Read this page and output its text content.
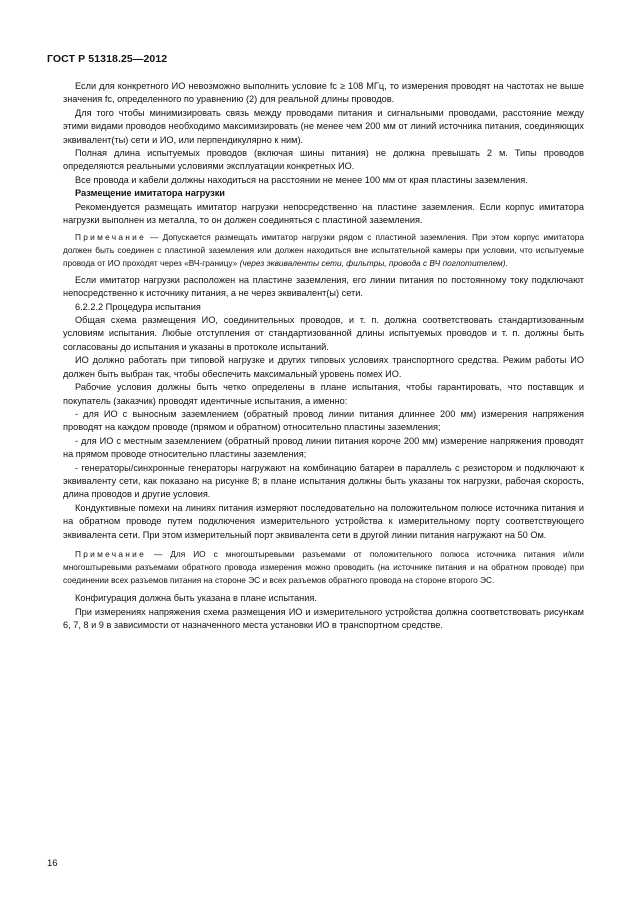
ГОСТ Р 51318.25—2012

Если для конкретного ИО невозможно выполнить условие fc ≥ 108 МГц, то измерения проводят на частотах не выше значения fc, определенного по уравнению (2) для реальной длины проводов.

Для того чтобы минимизировать связь между проводами питания и сигнальными проводами, расстояние между этими видами проводов необходимо максимизировать (не менее чем 200 мм от линий источника питания, соединяющих эквивалент(ты) сети и ИО, или перпендикулярно к ним).

Полная длина испытуемых проводов (включая шины питания) не должна превышать 2 м. Типы проводов определяются реальными условиями эксплуатации конкретных ИО.

Все провода и кабели должны находиться на расстоянии не менее 100 мм от края пластины заземления.

Размещение имитатора нагрузки

Рекомендуется размещать имитатор нагрузки непосредственно на пластине заземления. Если корпус имитатора нагрузки выполнен из металла, то он должен соединяться с пластиной заземления.

Примечание — Допускается размещать имитатор нагрузки рядом с пластиной заземления. При этом корпус имитатора должен быть соединен с пластиной заземления или должен находиться вне испытательной камеры при условии, что испытуемые провода от ИО проходят через «ВЧ-границу» (через эквиваленты сети, фильтры, провода с ВЧ поглотителем).

Если имитатор нагрузки расположен на пластине заземления, его линии питания по постоянному току подключают непосредственно к источнику питания, а не через эквивалент(ы) сети.

6.2.2.2 Процедура испытания

Общая схема размещения ИО, соединительных проводов, и т. п. должна соответствовать стандартизованным условиям испытания. Любые отступления от стандартизованной длины испытуемых проводов и т. п. должны быть согласованы до испытания и указаны в протоколе испытаний.

ИО должно работать при типовой нагрузке и других типовых условиях транспортного средства. Режим работы ИО должен быть выбран так, чтобы обеспечить максимальный уровень помех ИО.

Рабочие условия должны быть четко определены в плане испытания, чтобы гарантировать, что поставщик и покупатель (заказчик) проводят идентичные испытания, а именно:

- для ИО с выносным заземлением (обратный провод линии питания длиннее 200 мм) измерения напряжения проводят на каждом проводе (прямом и обратном) относительно пластины заземления;

- для ИО с местным заземлением (обратный провод линии питания короче 200 мм) измерение напряжения проводят на прямом проводе относительно пластины заземления;

- генераторы/синхронные генераторы нагружают на комбинацию батареи в параллель с резистором и подключают к эквиваленту сети, как показано на рисунке 8; в плане испытания должны быть указаны ток нагрузки, рабочая скорость, длина проводов и другие условия.

Кондуктивные помехи на линиях питания измеряют последовательно на положительном полюсе источника питания и на обратном проводе путем подключения измерительного устройства к измерительному порту соответствующего эквивалента сети. При этом измерительный порт эквивалента сети в другой линии питания нагружают на 50 Ом.

Примечание — Для ИО с многоштыревыми разъемами от положительного полюса источника питания и/или многоштыревыми разъемами обратного провода измерения можно проводить (на источнике питания и на обратном проводе) при соединении всех разъемов питания на стороне ЭС и всех разъемов обратного провода на стороне второго ЭС.

Конфигурация должна быть указана в плане испытания.

При измерениях напряжения схема размещения ИО и измерительного устройства должна соответствовать рисункам 6, 7, 8 и 9 в зависимости от назначенного места установки ИО в транспортном средстве.

16
